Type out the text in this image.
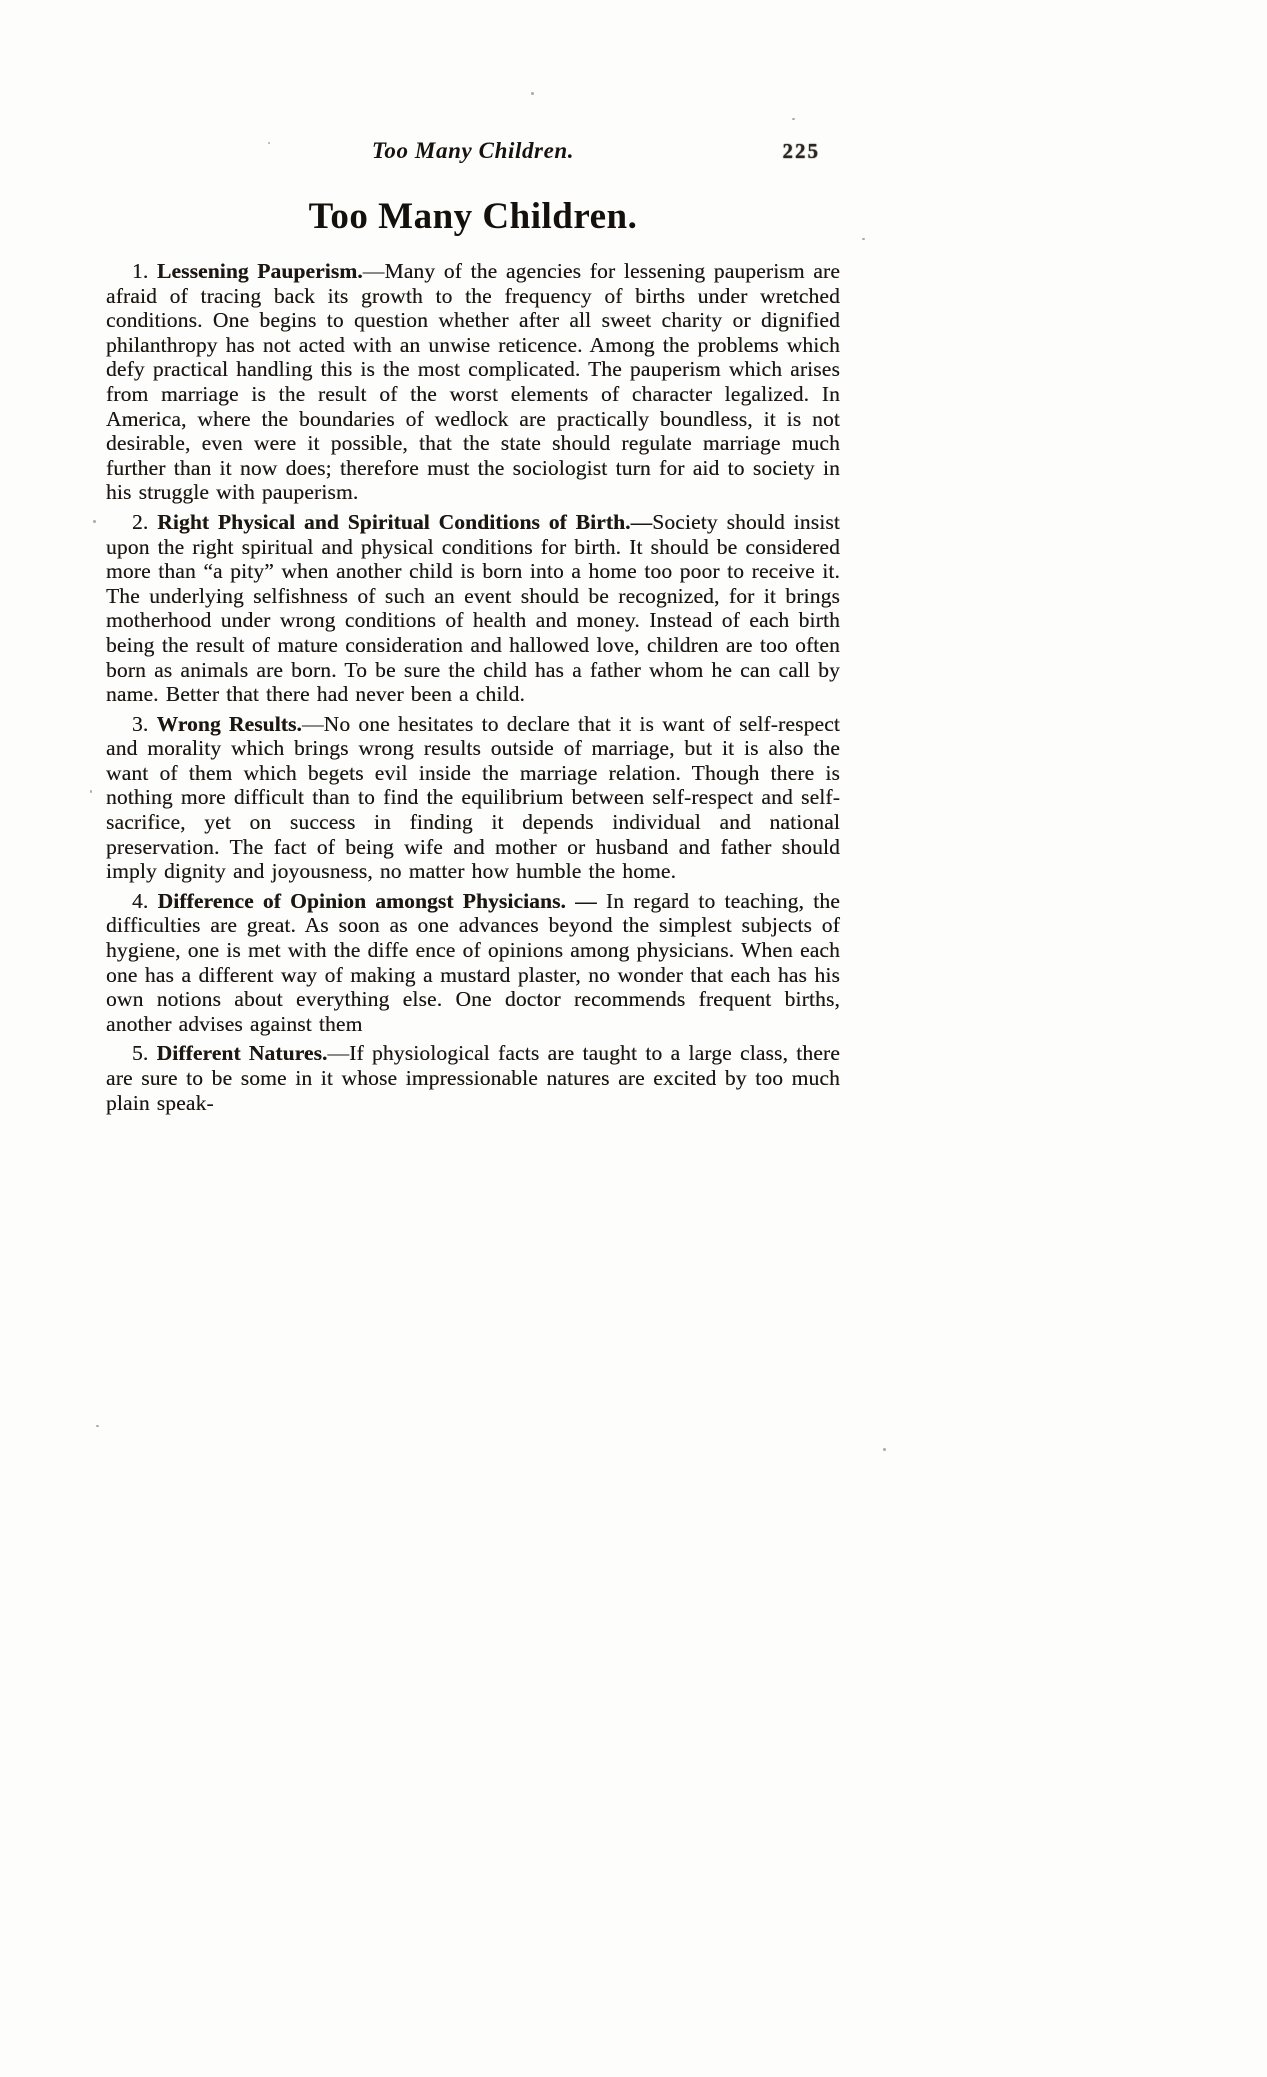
Too Many Children.	225
Too Many Children.

1. Lessening Pauperism.—Many of the agencies for lessening pauperism are afraid of tracing back its growth to the frequency of births under wretched conditions. One begins to question whether after all sweet charity or dignified philanthropy has not acted with an unwise reticence. Among the problems which defy practical handling this is the most complicated. The pauperism which arises from marriage is the result of the worst elements of character legalized. In America, where the boundaries of wedlock are practically boundless, it is not desirable, even were it possible, that the state should regulate marriage much further than it now does; therefore must the sociologist turn for aid to society in his struggle with pauperism.

2. Right Physical and Spiritual Conditions of Birth.—Society should insist upon the right spiritual and physical conditions for birth. It should be considered more than “a pity” when another child is born into a home too poor to receive it. The underlying selfishness of such an event should be recognized, for it brings motherhood under wrong conditions of health and money. Instead of each birth being the result of mature consideration and hallowed love, children are too often born as animals are born. To be sure the child has a father whom he can call by name. Better that there had never been a child.

3. Wrong Results.—No one hesitates to declare that it is want of self-respect and morality which brings wrong results outside of marriage, but it is also the want of them which begets evil inside the marriage relation. Though there is nothing more difficult than to find the equilibrium between self-respect and self-sacrifice, yet on success in finding it depends individual and national preservation. The fact of being wife and mother or husband and father should imply dignity and joyousness, no matter how humble the home.

4. Difference of Opinion amongst Physicians. — In regard to teaching, the difficulties are great. As soon as one advances beyond the simplest subjects of hygiene, one is met with the diffe ence of opinions among physicians. When each one has a different way of making a mustard plaster, no wonder that each has his own notions about everything else. One doctor recommends frequent births, another advises against them

5. Different Natures.—If physiological facts are taught to a large class, there are sure to be some in it whose impressionable natures are excited by too much plain speak-
